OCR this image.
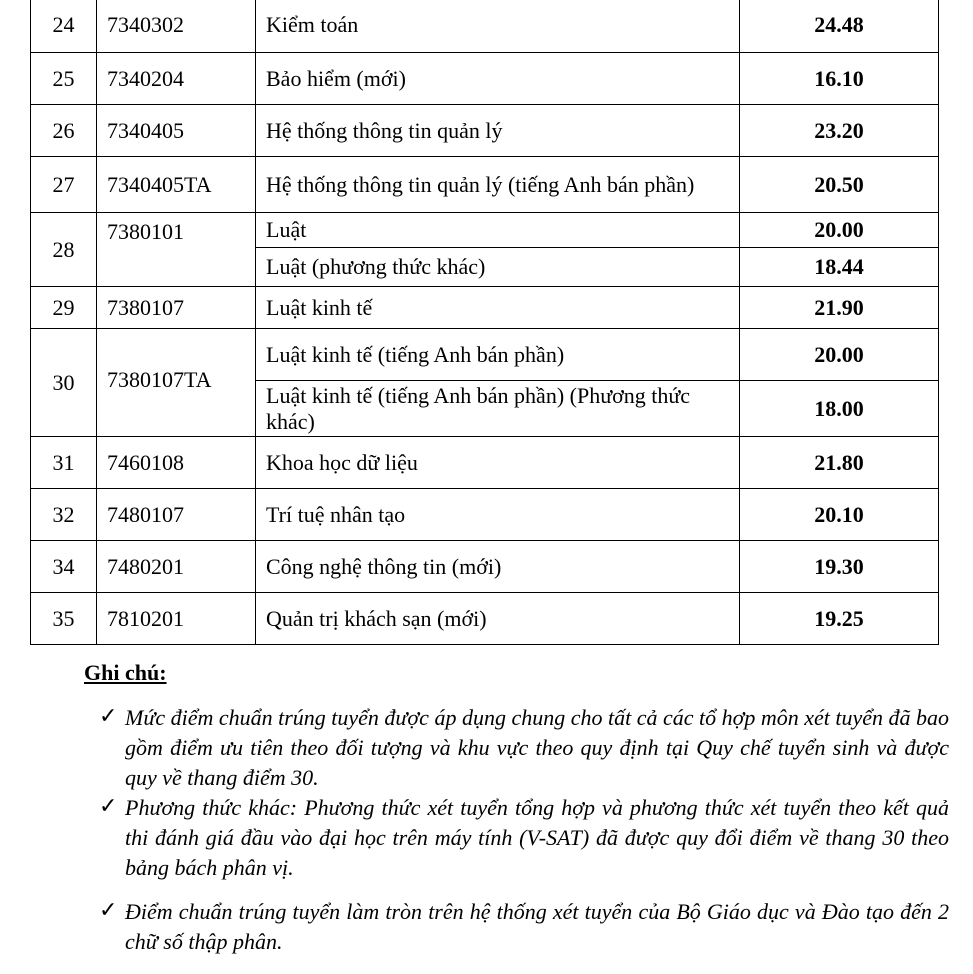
24	7340302	Kiểm toán	24.48
25	7340204	Bảo hiểm (mới)	16.10
26	7340405	Hệ thống thông tin quản lý	23.20
27	7340405TA	Hệ thống thông tin quản lý (tiếng Anh bán phần)	20.50
28	7380101	Luật	20.00
		Luật (phương thức khác)	18.44
29	7380107	Luật kinh tế	21.90
30	7380107TA	Luật kinh tế (tiếng Anh bán phần)	20.00
		Luật kinh tế (tiếng Anh bán phần) (Phương thức khác)	18.00
31	7460108	Khoa học dữ liệu	21.80
32	7480107	Trí tuệ nhân tạo	20.10
34	7480201	Công nghệ thông tin (mới)	19.30
35	7810201	Quản trị khách sạn (mới)	19.25
Ghi chú:
✓ Mức điểm chuẩn trúng tuyển được áp dụng chung cho tất cả các tổ hợp môn xét tuyển đã bao gồm điểm ưu tiên theo đối tượng và khu vực theo quy định tại Quy chế tuyển sinh và được quy về thang điểm 30.
✓ Phương thức khác: Phương thức xét tuyển tổng hợp và phương thức xét tuyển theo kết quả thi đánh giá đầu vào đại học trên máy tính (V-SAT) đã được quy đổi điểm về thang 30 theo bảng bách phân vị.
✓ Điểm chuẩn trúng tuyển làm tròn trên hệ thống xét tuyển của Bộ Giáo dục và Đào tạo đến 2 chữ số thập phân.
